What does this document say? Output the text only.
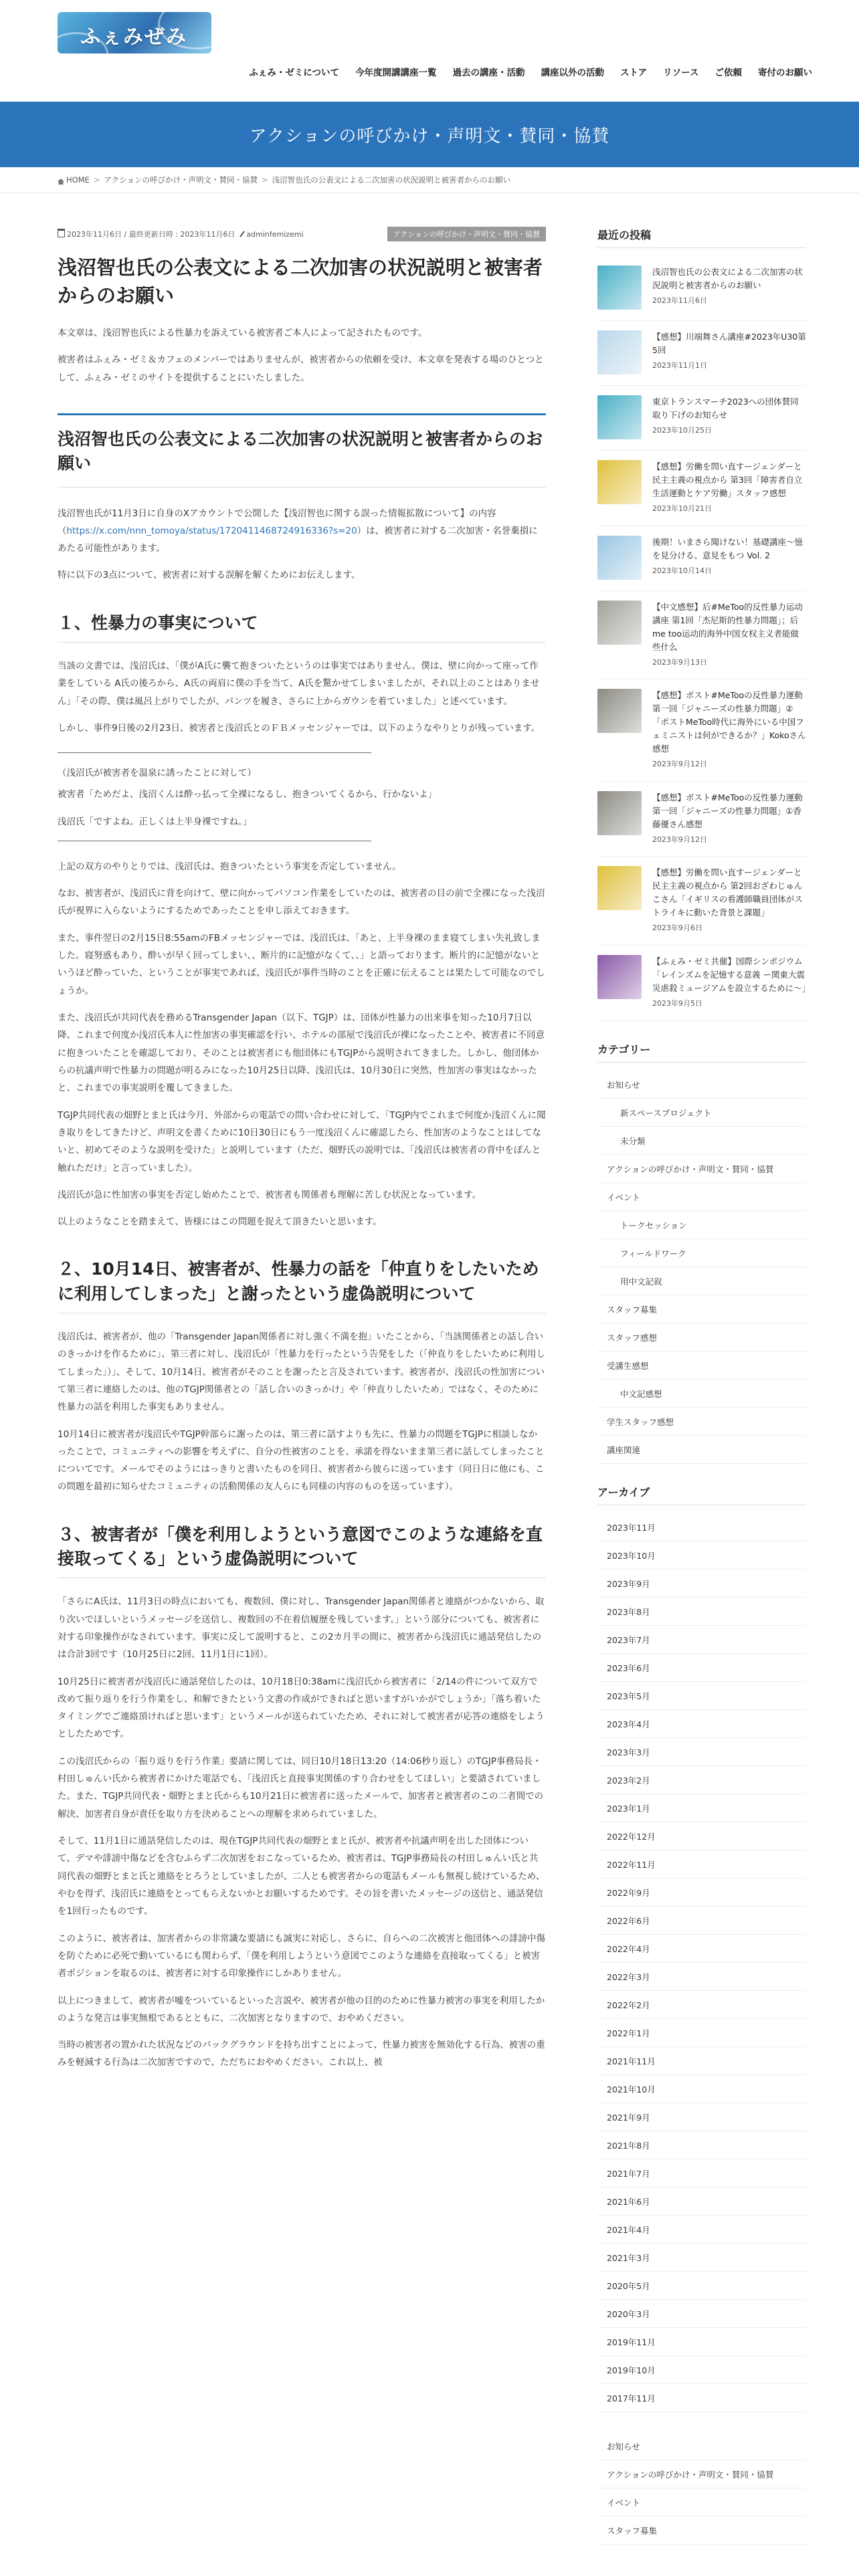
ふぇみぜみ
ふぇみ・ゼミについて	今年度開講講座一覧	過去の講座・活動	講座以外の活動	ストア	リソース	ご依頼	寄付のお願い
アクションの呼びかけ・声明文・賛同・協賛
HOME > アクションの呼びかけ・声明文・賛同・協賛 > 浅沼智也氏の公表文による二次加害の状況説明と被害者からのお願い
2023年11月6日 / 最終更新日時 : 2023年11月6日	adminfemizemi	アクションの呼びかけ・声明文・賛同・協賛
浅沼智也氏の公表文による二次加害の状況説明と被害者からのお願い

本文章は、浅沼智也氏による性暴力を訴えている被害者ご本人によって記されたものです。

被害者はふぇみ・ゼミ＆カフェのメンバーではありませんが、被害者からの依頼を受け、本文章を発表する場のひとつとして、ふぇみ・ゼミのサイトを提供することにいたしました。

浅沼智也氏の公表文による二次加害の状況説明と被害者からのお願い

浅沼智也氏が11月3日に自身のXアカウントで公開した【浅沼智也に関する誤った情報拡散について】の内容（https://x.com/nnn_tomoya/status/1720411468724916336?s=20）は、被害者に対する二次加害・名誉棄損にあたる可能性があります。

特に以下の3点について、被害者に対する誤解を解くためにお伝えします。

１、性暴力の事実について

当該の文書では、浅沼氏は、「僕がA氏に襲て抱きついたというのは事実ではありません。僕は、壁に向かって座って作業をしている A氏の後ろから、A氏の両肩に僕の手を当て、A氏を驚かせてしまいましたが、それ以上のことはありません」「その際、僕は風呂上がりでしたが、パンツを履き、さらに上からガウンを着ていました」と述べています。

しかし、事件9日後の2月23日、被害者と浅沼氏とのＦＢメッセンジャーでは、以下のようなやりとりが残っています。

―――――――――――――――――――――――――――――――――――――――

（浅沼氏が被害者を温泉に誘ったことに対して）

被害者「ためだよ、浅沼くんは酔っ払って全裸になるし、抱きついてくるから、行かないよ」

浅沼氏「ですよね。正しくは上半身裸ですね。」

―――――――――――――――――――――――――――――――――――――――

上記の双方のやりとりでは、浅沼氏は、抱きついたという事実を否定していません。

なお、被害者が、浅沼氏に背を向けて、壁に向かってパソコン作業をしていたのは、被害者の目の前で全裸になった浅沼氏が視界に入らないようにするためであったことを申し添えておきます。

また、事件翌日の2月15日8:55amのFBメッセンジャーでは、浅沼氏は、「あと、上半身裸のまま寝てしまい失礼致しました。寝努惑もあり、酔いが早く回ってしまい、、断片的に記憶がなくて、、」と語っております。断片的に記憶がないというほど酔っていた、ということが事実であれば、浅沼氏が事件当時のことを正確に伝えることは果たして可能なのでしょうか。

また、浅沼氏が共同代表を務めるTransgender Japan（以下、TGJP）は、団体が性暴力の出来事を知った10月7日以降、これまで何度か浅沼氏本人に性加害の事実確認を行い、ホテルの部屋で浅沼氏が裸になったことや、被害者に不同意に抱きついたことを確認しており、そのことは被害者にも他団体にもTGJPから説明されてきました。しかし、他団体からの抗議声明で性暴力の問題が明るみになった10月25日以降、浅沼氏は、10月30日に突然、性加害の事実はなかったと、これまでの事実説明を覆してきました。

TGJP共同代表の畑野とまと氏は今月、外部からの電話での問い合わせに対して、「TGJP内でこれまで何度か浅沼くんに聞き取りをしてきたけど、声明文を書くために10日30日にもう一度浅沼くんに確認したら、性加害のようなことはしてないと、初めてそのような説明を受けた」と説明しています（ただ、畑野氏の説明では、「浅沼氏は被害者の背中をぽんと触れただけ」と言っていました）。

浅沼氏が急に性加害の事実を否定し始めたことで、被害者も関係者も理解に苦しむ状況となっています。

以上のようなことを踏まえて、皆様にはこの問題を捉えて頂きたいと思います。

２、10月14日、被害者が、性暴力の話を「仲直りをしたいために利用してしまった」と謝ったという虚偽説明について

浅沼氏は、被害者が、他の「Transgender Japan関係者に対し強く不満を抱」いたことから、「当該関係者との話し合いのきっかけを作るために」、第三者に対し、浅沼氏が「性暴力を行ったという告発をした（「仲直りをしたいために利用してしまった」）」、そして、10月14日、被害者がそのことを謝ったと言及されています。被害者が、浅沼氏の性加害について第三者に連絡したのは、他のTGJP関係者との「話し合いのきっかけ」や「仲直りしたいため」ではなく、そのために性暴力の話を利用した事実もありません。

10月14日に被害者が浅沼氏やTGJP幹部らに謝ったのは、第三者に話すよりも先に、性暴力の問題をTGJPに相談しなかったことで、コミュニティへの影響を考えずに、自分の性被害のことを、承諾を得ないまま第三者に話してしまったことについてです。メールでそのようにはっきりと書いたものを同日、被害者から彼らに送っています（同日日に他にも、この問題を最初に知らせたコミュニティの活動関係の友人らにも同様の内容のものを送っています）。

３、被害者が「僕を利用しようという意図でこのような連絡を直接取ってくる」という虚偽説明について

「さらにA氏は、11月3日の時点においても、複数回、僕に対し、Transgender Japan関係者と連絡がつかないから、取り次いでほしいというメッセージを送信し、複数回の不在着信履歴を残しています。」という部分についても、被害者に対する印象操作がなされています。事実に反して説明すると、この2カ月半の間に、被害者から浅沼氏に通話発信したのは合計3回です（10月25日に2回、11月1日に1回）。

10月25日に被害者が浅沼氏に通話発信したのは、10月18日0:38amに浅沼氏から被害者に「2/14の件について双方で改めて振り返りを行う作業をし、和解できたという文書の作成ができればと思いますがいかがでしょうか」「落ち着いたタイミングでご連絡頂ければと思います」というメールが送られていたため、それに対して被害者が応答の連絡をしようとしたためです。

この浅沼氏からの「振り返りを行う作業」要請に関しては、同日10月18日13:20（14:06秒り返し）のTGJP事務局長・村田しゅんい氏から被害者にかけた電話でも、「浅沼氏と直接事実関係のすり合わせをしてほしい」と要請されていました。また、TGJP共同代表・畑野とまと氏からも10月21日に被害者に送ったメールで、加害者と被害者のこの二者間での解決、加害者自身が責任を取り方を決めることへの理解を求められていました。

そして、11月1日に通話発信したのは、現在TGJP共同代表の畑野とまと氏が、被害者や抗議声明を出した団体について、デマや誹謗中傷などを含むふらず二次加害をおこなっているため、被害者は、TGJP事務局長の村田しゅんい氏と共同代表の畑野とまと氏と連絡をとろうとしていましたが、二人とも被害者からの電話もメールも無視し続けているため、やむを得ず、浅沼氏に連絡をとってもらえないかとお願いするためです。その旨を書いたメッセージの送信と、通話発信を1回行ったものです。

このように、被害者は、加害者からの非常識な要請にも誠実に対応し、さらに、自らへの二次被害と他団体への誹謗中傷を防ぐために必死で動いているにも関わらず、「僕を利用しようという意図でこのような連絡を直接取ってくる」と被害者ポジションを取るのは、被害者に対する印象操作にしかありません。

以上につきまして、被害者が嘘をついているといった言説や、被害者が他の目的のために性暴力被害の事実を利用したかのような発言は事実無根であるとともに、二次加害となりますので、おやめください。

当時の被害者の置かれた状況などのバックグラウンドを持ち出すことによって、性暴力被害を無効化する行為、被害の重みを軽減する行為は二次加害ですので、ただちにおやめください。これ以上、被

最近の投稿
浅沼智也氏の公表文による二次加害の状況説明と被害者からのお願い
2023年11月6日
【感想】川端舞さん講座#2023年U30第5回
2023年11月1日
東京トランスマーチ2023への団体賛同取り下げのお知らせ
2023年10月25日
【感想】労働を問い直すージェンダーと民主主義の視点から 第3回「障害者自立生活運動とケア労働」スタッフ感想
2023年10月21日
後期！いまさら聞けない！基礎講座〜憶を見分ける、意見をもつ Vol. 2
2023年10月14日
【中文感想】后#MeToo的反性暴力运动講座 第1回「杰尼斯的性暴力問題」；后me too运动的海外中国女权主义者能做些什么
2023年9月13日
【感想】ポスト#MeTooの反性暴力運動 第一回「ジャニーズの性暴力問題」②「ポストMeToo時代に海外にいる中国フェミニストは何ができるか？」Kokoさん感想
2023年9月12日
【感想】ポスト#MeTooの反性暴力運動　第一回「ジャニーズの性暴力問題」①香藤優さん感想
2023年9月12日
【感想】労働を問い直すージェンダーと民主主義の視点から 第2回おざわじゅんこさん「イギリスの看護師職員団体がストライキに動いた背景と課題」
2023年9月6日
【ふぇみ・ゼミ共催】国際シンポジウム「レインズムを記憶する意義 ー関東大震災虐殺ミュージアムを設立するために～」
2023年9月5日
カテゴリー
お知らせ
新スペースプロジェクト
未分類
アクションの呼びかけ・声明文・賛同・協賛
イベント
トークセッション
フィールドワーク
用中文記叙
スタッフ募集
スタッフ感想
受講生感想
中文記感想
学生スタッフ感想
講座関連
アーカイブ
2023年11月
2023年10月
2023年9月
2023年8月
2023年7月
2023年6月
2023年5月
2023年4月
2023年3月
2023年2月
2023年1月
2022年12月
2022年11月
2022年9月
2022年6月
2022年4月
2022年3月
2022年2月
2022年1月
2021年11月
2021年10月
2021年9月
2021年8月
2021年7月
2021年6月
2021年4月
2021年3月
2020年5月
2020年3月
2019年11月
2019年10月
2017年11月
お知らせ
アクションの呼びかけ・声明文・賛同・協賛
イベント
スタッフ募集
